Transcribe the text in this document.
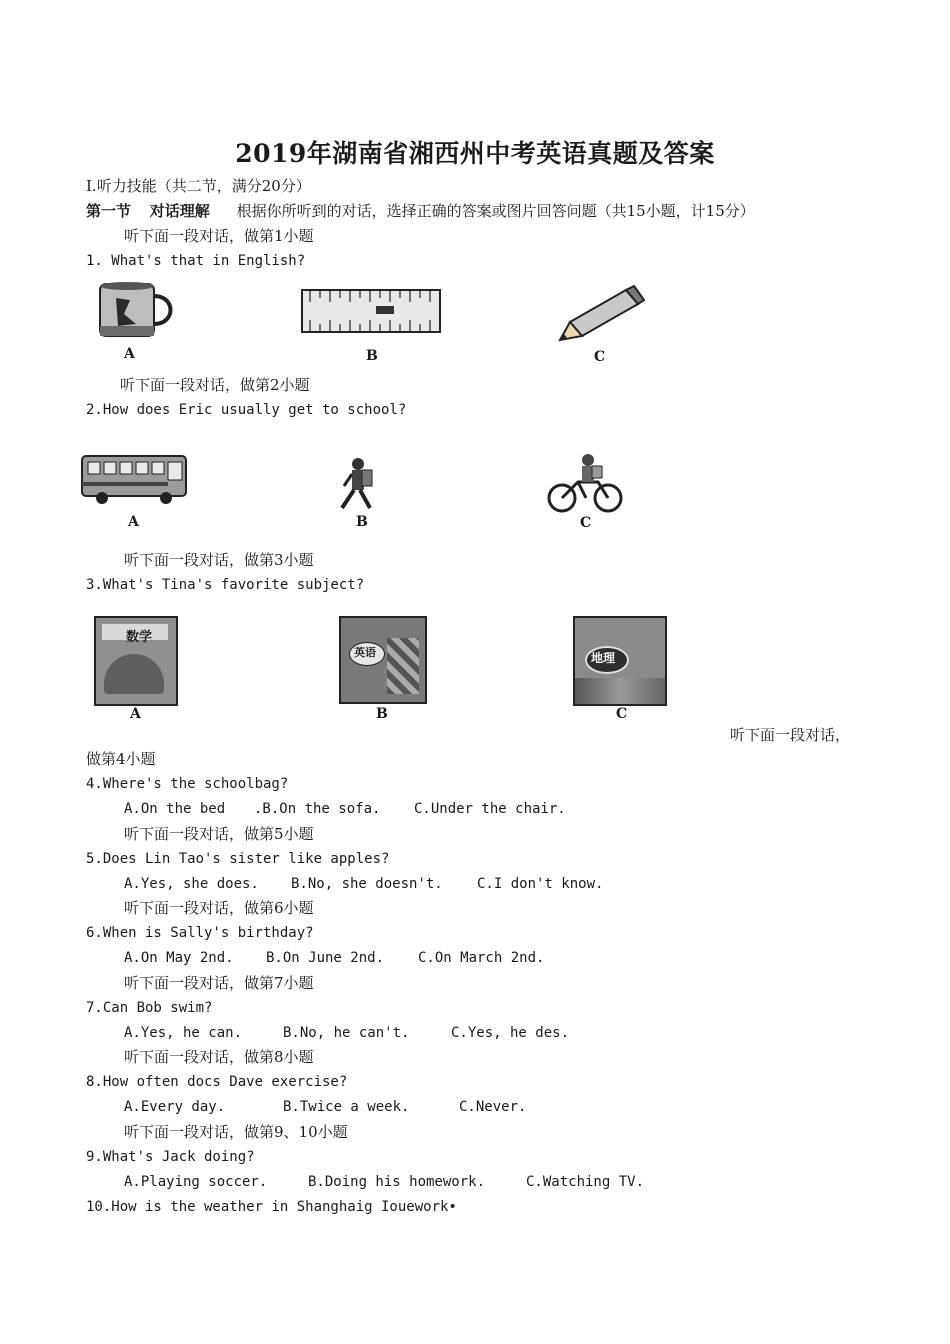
2019年湖南省湘西州中考英语真题及答案
I.听力技能（共二节，满分20分）
第一节 对话理解 根据你所听到的对话，选择正确的答案或图片回答问题（共15小题，计15分）
听下面一段对话，做第1小题
1. What's that in English?
A	B	C
听下面一段对话，做第2小题
2.How does Eric usually get to school?
A	B	C
听下面一段对话，做第3小题
3.What's Tina's favorite subject?
数学
A
英语
B
地理
C
听下面一段对话，
做第4小题
4.Where's the schoolbag?
A.On the bed .B.On the sofa. C.Under the chair.
听下面一段对话，做第5小题
5.Does Lin Tao's sister like apples?
A.Yes, she does. B.No, she doesn't. C.I don't know.
听下面一段对话，做第6小题
6.When is Sally's birthday?
A.On May 2nd. B.On June 2nd. C.On March 2nd.
听下面一段对话，做第7小题
7.Can Bob swim?
A.Yes, he can.	B.No, he can't.	C.Yes, he des.
听下面一段对话，做第8小题
8.How often docs Dave exercise?
A.Every day.	B.Twice a week.	C.Never.
听下面一段对话，做第9、10小题
9.What's Jack doing?
A.Playing soccer.	B.Doing his homework.	C.Watching TV.
10.How is the weather in Shanghaig Iouework•
